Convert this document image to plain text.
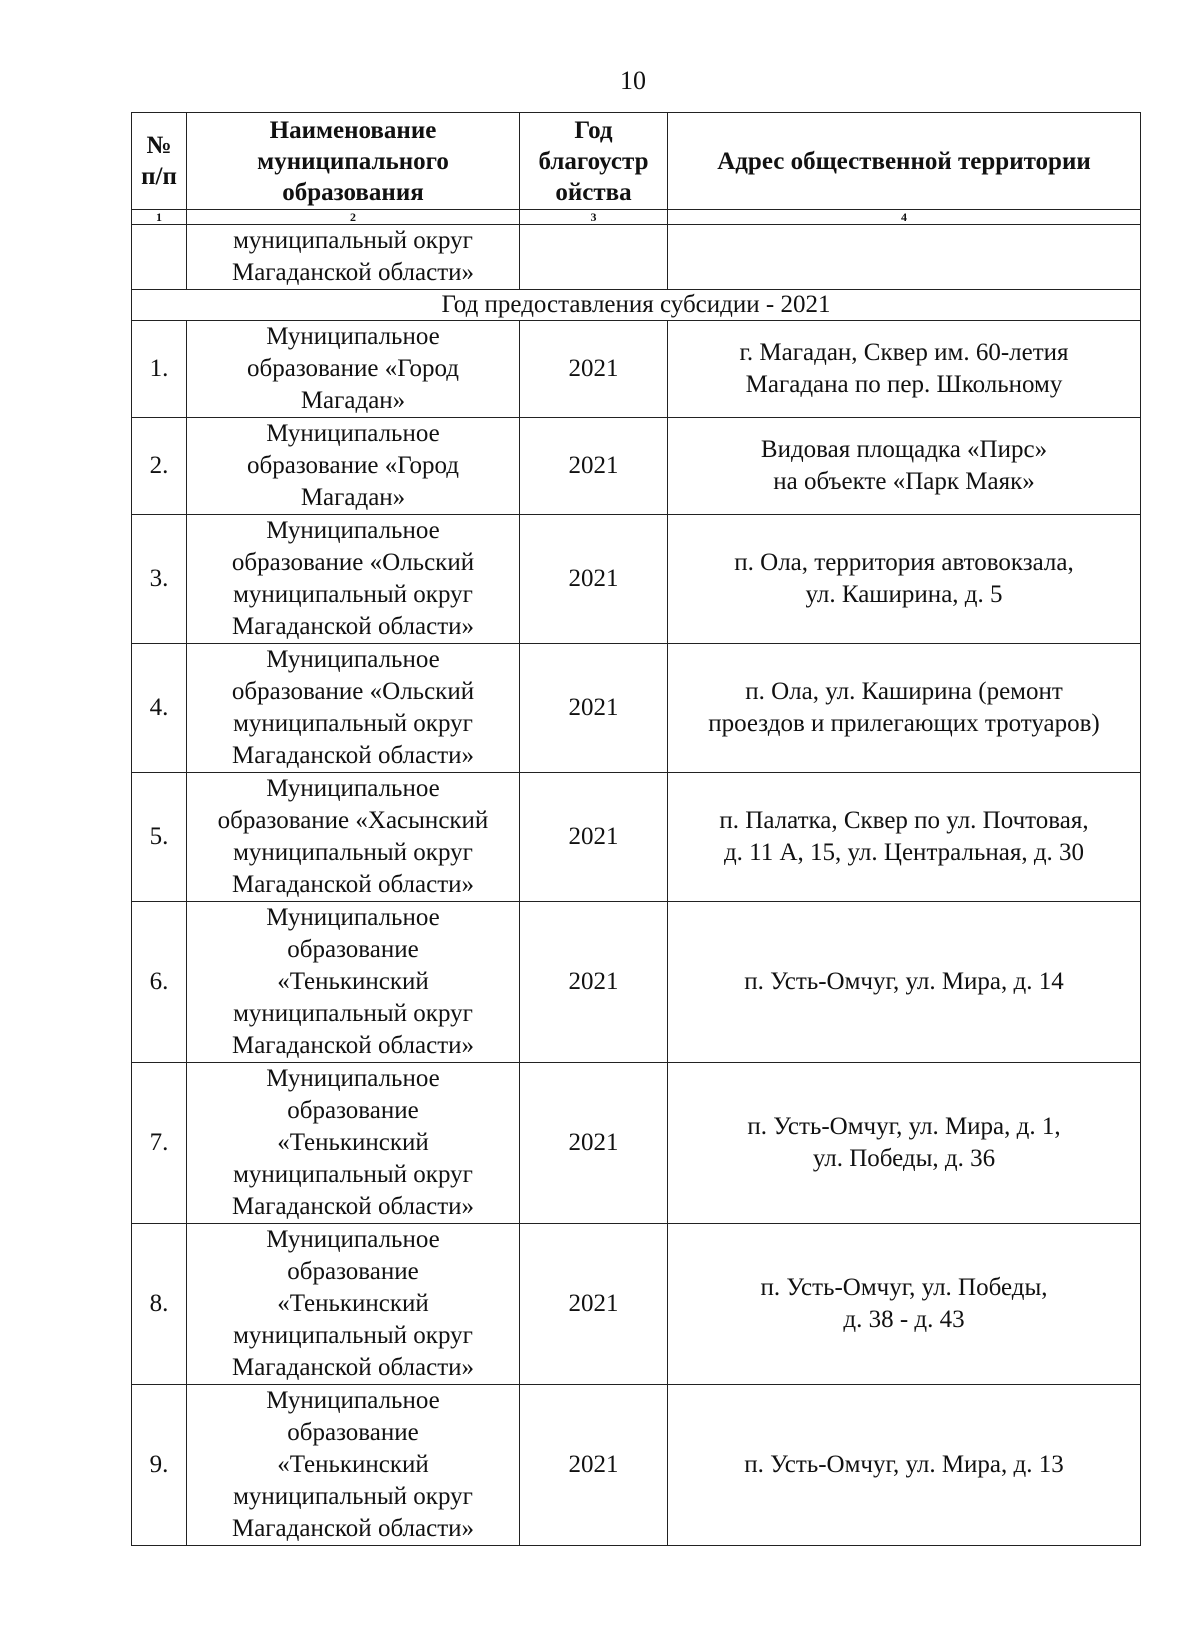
10
№
п/п	Наименование
муниципального
образования	Год
благоустр
ойства	Адрес общественной территории
1	2	3	4
	муниципальный округ
Магаданской области»		
Год предоставления субсидии - 2021			
1.	Муниципальное
образование «Город
Магадан»	2021	г. Магадан, Сквер им. 60-летия
Магадана по пер. Школьному
2.	Муниципальное
образование «Город
Магадан»	2021	Видовая площадка «Пирс»
на объекте «Парк Маяк»
3.	Муниципальное
образование «Ольский
муниципальный округ
Магаданской области»	2021	п. Ола, территория автовокзала,
ул. Каширина, д. 5
4.	Муниципальное
образование «Ольский
муниципальный округ
Магаданской области»	2021	п. Ола, ул. Каширина (ремонт
проездов и прилегающих тротуаров)
5.	Муниципальное
образование «Хасынский
муниципальный округ
Магаданской области»	2021	п. Палатка, Сквер по ул. Почтовая,
д. 11 А, 15, ул. Центральная, д. 30
6.	Муниципальное
образование
«Тенькинский
муниципальный округ
Магаданской области»	2021	п. Усть-Омчуг, ул. Мира, д. 14
7.	Муниципальное
образование
«Тенькинский
муниципальный округ
Магаданской области»	2021	п. Усть-Омчуг, ул. Мира, д. 1,
ул. Победы, д. 36
8.	Муниципальное
образование
«Тенькинский
муниципальный округ
Магаданской области»	2021	п. Усть-Омчуг, ул. Победы,
д. 38 - д. 43
9.	Муниципальное
образование
«Тенькинский
муниципальный округ
Магаданской области»	2021	п. Усть-Омчуг, ул. Мира, д. 13
